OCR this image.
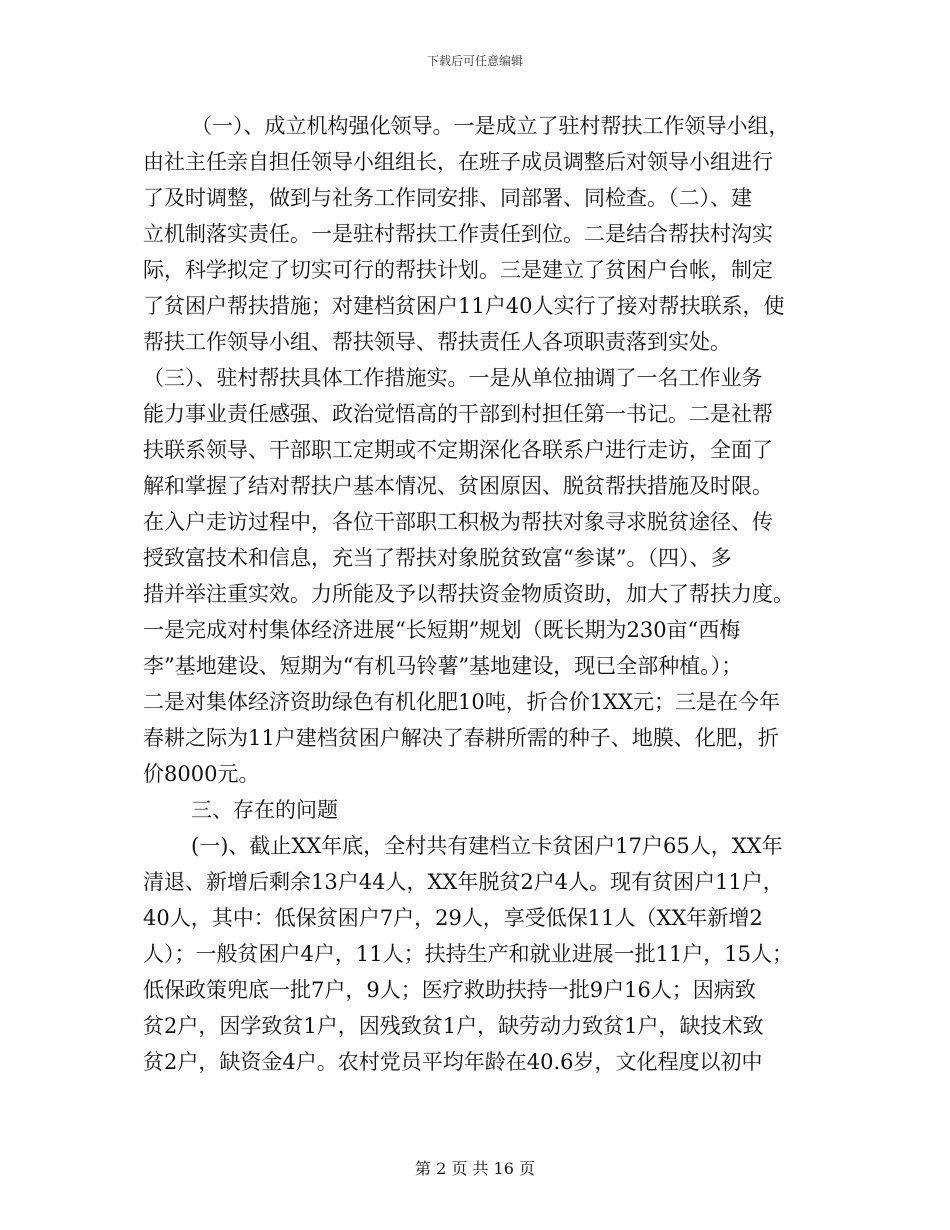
下载后可任意编辑
（一）、成立机构强化领导。一是成立了驻村帮扶工作领导小组，
由社主任亲自担任领导小组组长，在班子成员调整后对领导小组进行
了及时调整，做到与社务工作同安排、同部署、同检查。（二）、建
立机制落实责任。一是驻村帮扶工作责任到位。二是结合帮扶村沟实
际，科学拟定了切实可行的帮扶计划。三是建立了贫困户台帐，制定
了贫困户帮扶措施；对建档贫困户11户40人实行了接对帮扶联系，使
帮扶工作领导小组、帮扶领导、帮扶责任人各项职责落到实处。
（三）、驻村帮扶具体工作措施实。一是从单位抽调了一名工作业务
能力事业责任感强、政治觉悟高的干部到村担任第一书记。二是社帮
扶联系领导、干部职工定期或不定期深化各联系户进行走访，全面了
解和掌握了结对帮扶户基本情况、贫困原因、脱贫帮扶措施及时限。
在入户走访过程中，各位干部职工积极为帮扶对象寻求脱贫途径、传
授致富技术和信息，充当了帮扶对象脱贫致富“参谋”。（四）、多
措并举注重实效。力所能及予以帮扶资金物质资助，加大了帮扶力度。
一是完成对村集体经济进展“长短期”规划（既长期为230亩“西梅
李”基地建设、短期为“有机马铃薯”基地建设，现已全部种植。）；
二是对集体经济资助绿色有机化肥10吨，折合价1XX元；三是在今年
春耕之际为11户建档贫困户解决了春耕所需的种子、地膜、化肥，折
价8000元。
三、存在的问题
(一)、截止XX年底，全村共有建档立卡贫困户17户65人，XX年
清退、新增后剩余13户44人，XX年脱贫2户4人。现有贫困户11户，
40人，其中：低保贫困户7户，29人，享受低保11人（XX年新增2
人）；一般贫困户4户，11人；扶持生产和就业进展一批11户，15人；
低保政策兜底一批7户，9人；医疗救助扶持一批9户16人；因病致
贫2户，因学致贫1户，因残致贫1户，缺劳动力致贫1户，缺技术致
贫2户，缺资金4户。农村党员平均年龄在40.6岁，文化程度以初中
第 2 页 共 16 页
